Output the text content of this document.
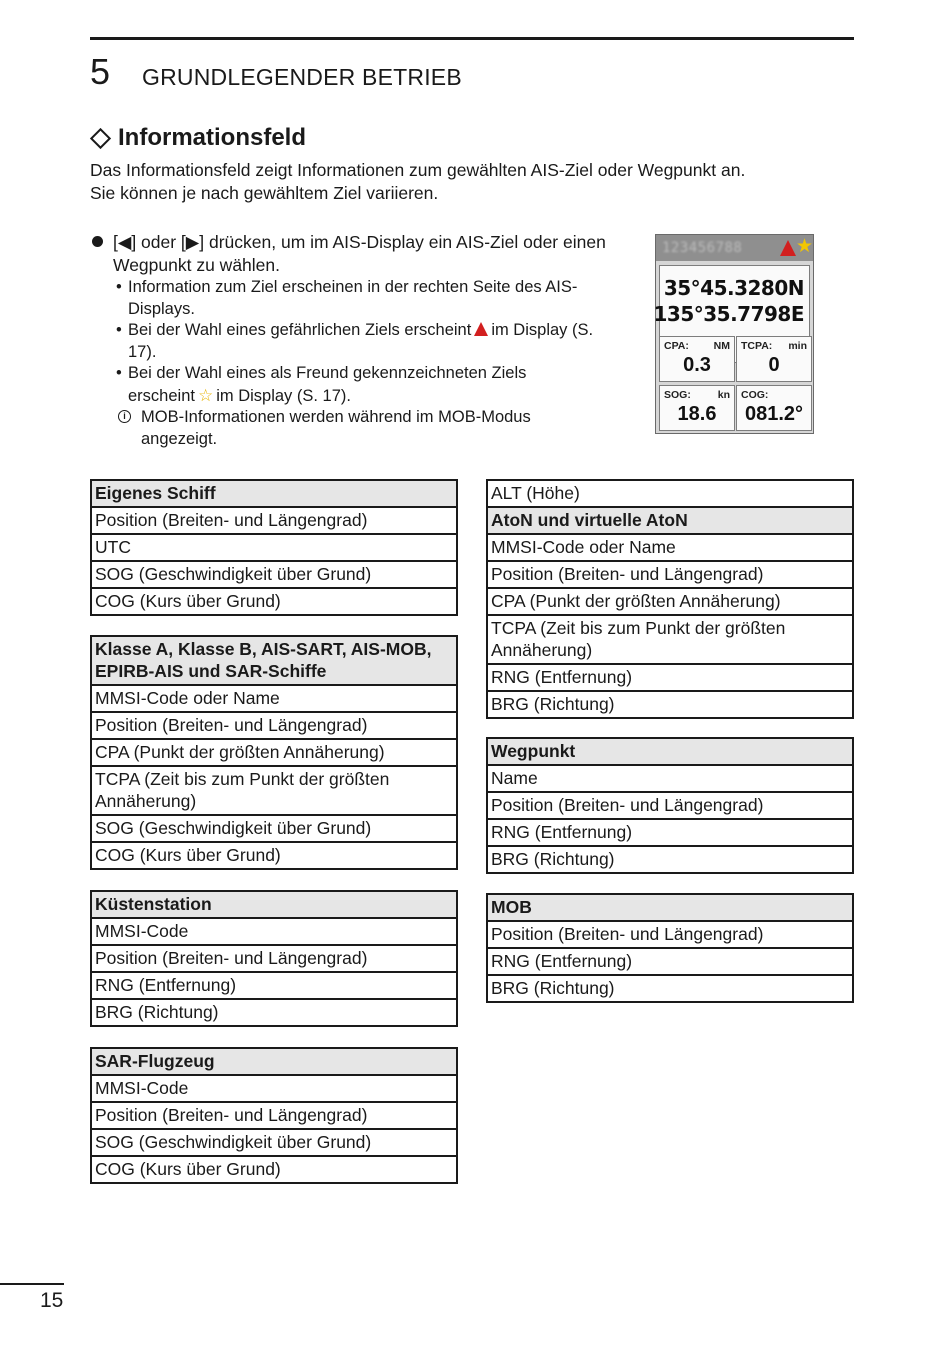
5 GRUNDLEGENDER BETRIEB
Informationsfeld

Das Informationsfeld zeigt Informationen zum gewählten AIS-Ziel oder Wegpunkt an.

Sie können je nach gewähltem Ziel variieren.

[◀] oder [▶] drücken, um im AIS-Display ein AIS-Ziel oder einen Wegpunkt zu wählen.
• Information zum Ziel erscheinen in der rechten Seite des AIS-Displays.
• Bei der Wahl eines gefährlichen Ziels erscheint im Display (S. 17).
• Bei der Wahl eines als Freund gekennzeichneten Ziels erscheint ☆ im Display (S. 17).
i MOB-Informationen werden während im MOB-Modus angezeigt.
123456788	★
35°45.3280N
135°35.7798E
CPA: NM
0.3
TCPA: min
0
SOG:	kn
18.6
COG:
081.2°
Eigenes Schiff
Position (Breiten- und Längengrad)
UTC
SOG (Geschwindigkeit über Grund)
COG (Kurs über Grund)
Klasse A, Klasse B, AIS-SART, AIS-MOB, EPIRB-AIS und SAR-Schiffe
MMSI-Code oder Name
Position (Breiten- und Längengrad)
CPA (Punkt der größten Annäherung)
TCPA (Zeit bis zum Punkt der größten Annäherung)
SOG (Geschwindigkeit über Grund)
COG (Kurs über Grund)
Küstenstation
MMSI-Code
Position (Breiten- und Längengrad)
RNG (Entfernung)
BRG (Richtung)
SAR-Flugzeug
MMSI-Code
Position (Breiten- und Längengrad)
SOG (Geschwindigkeit über Grund)
COG (Kurs über Grund)
ALT (Höhe)
AtoN und virtuelle AtoN
MMSI-Code oder Name
Position (Breiten- und Längengrad)
CPA (Punkt der größten Annäherung)
TCPA (Zeit bis zum Punkt der größten Annäherung)
RNG (Entfernung)
BRG (Richtung)
Wegpunkt
Name
Position (Breiten- und Längengrad)
RNG (Entfernung)
BRG (Richtung)
MOB
Position (Breiten- und Längengrad)
RNG (Entfernung)
BRG (Richtung)
15
